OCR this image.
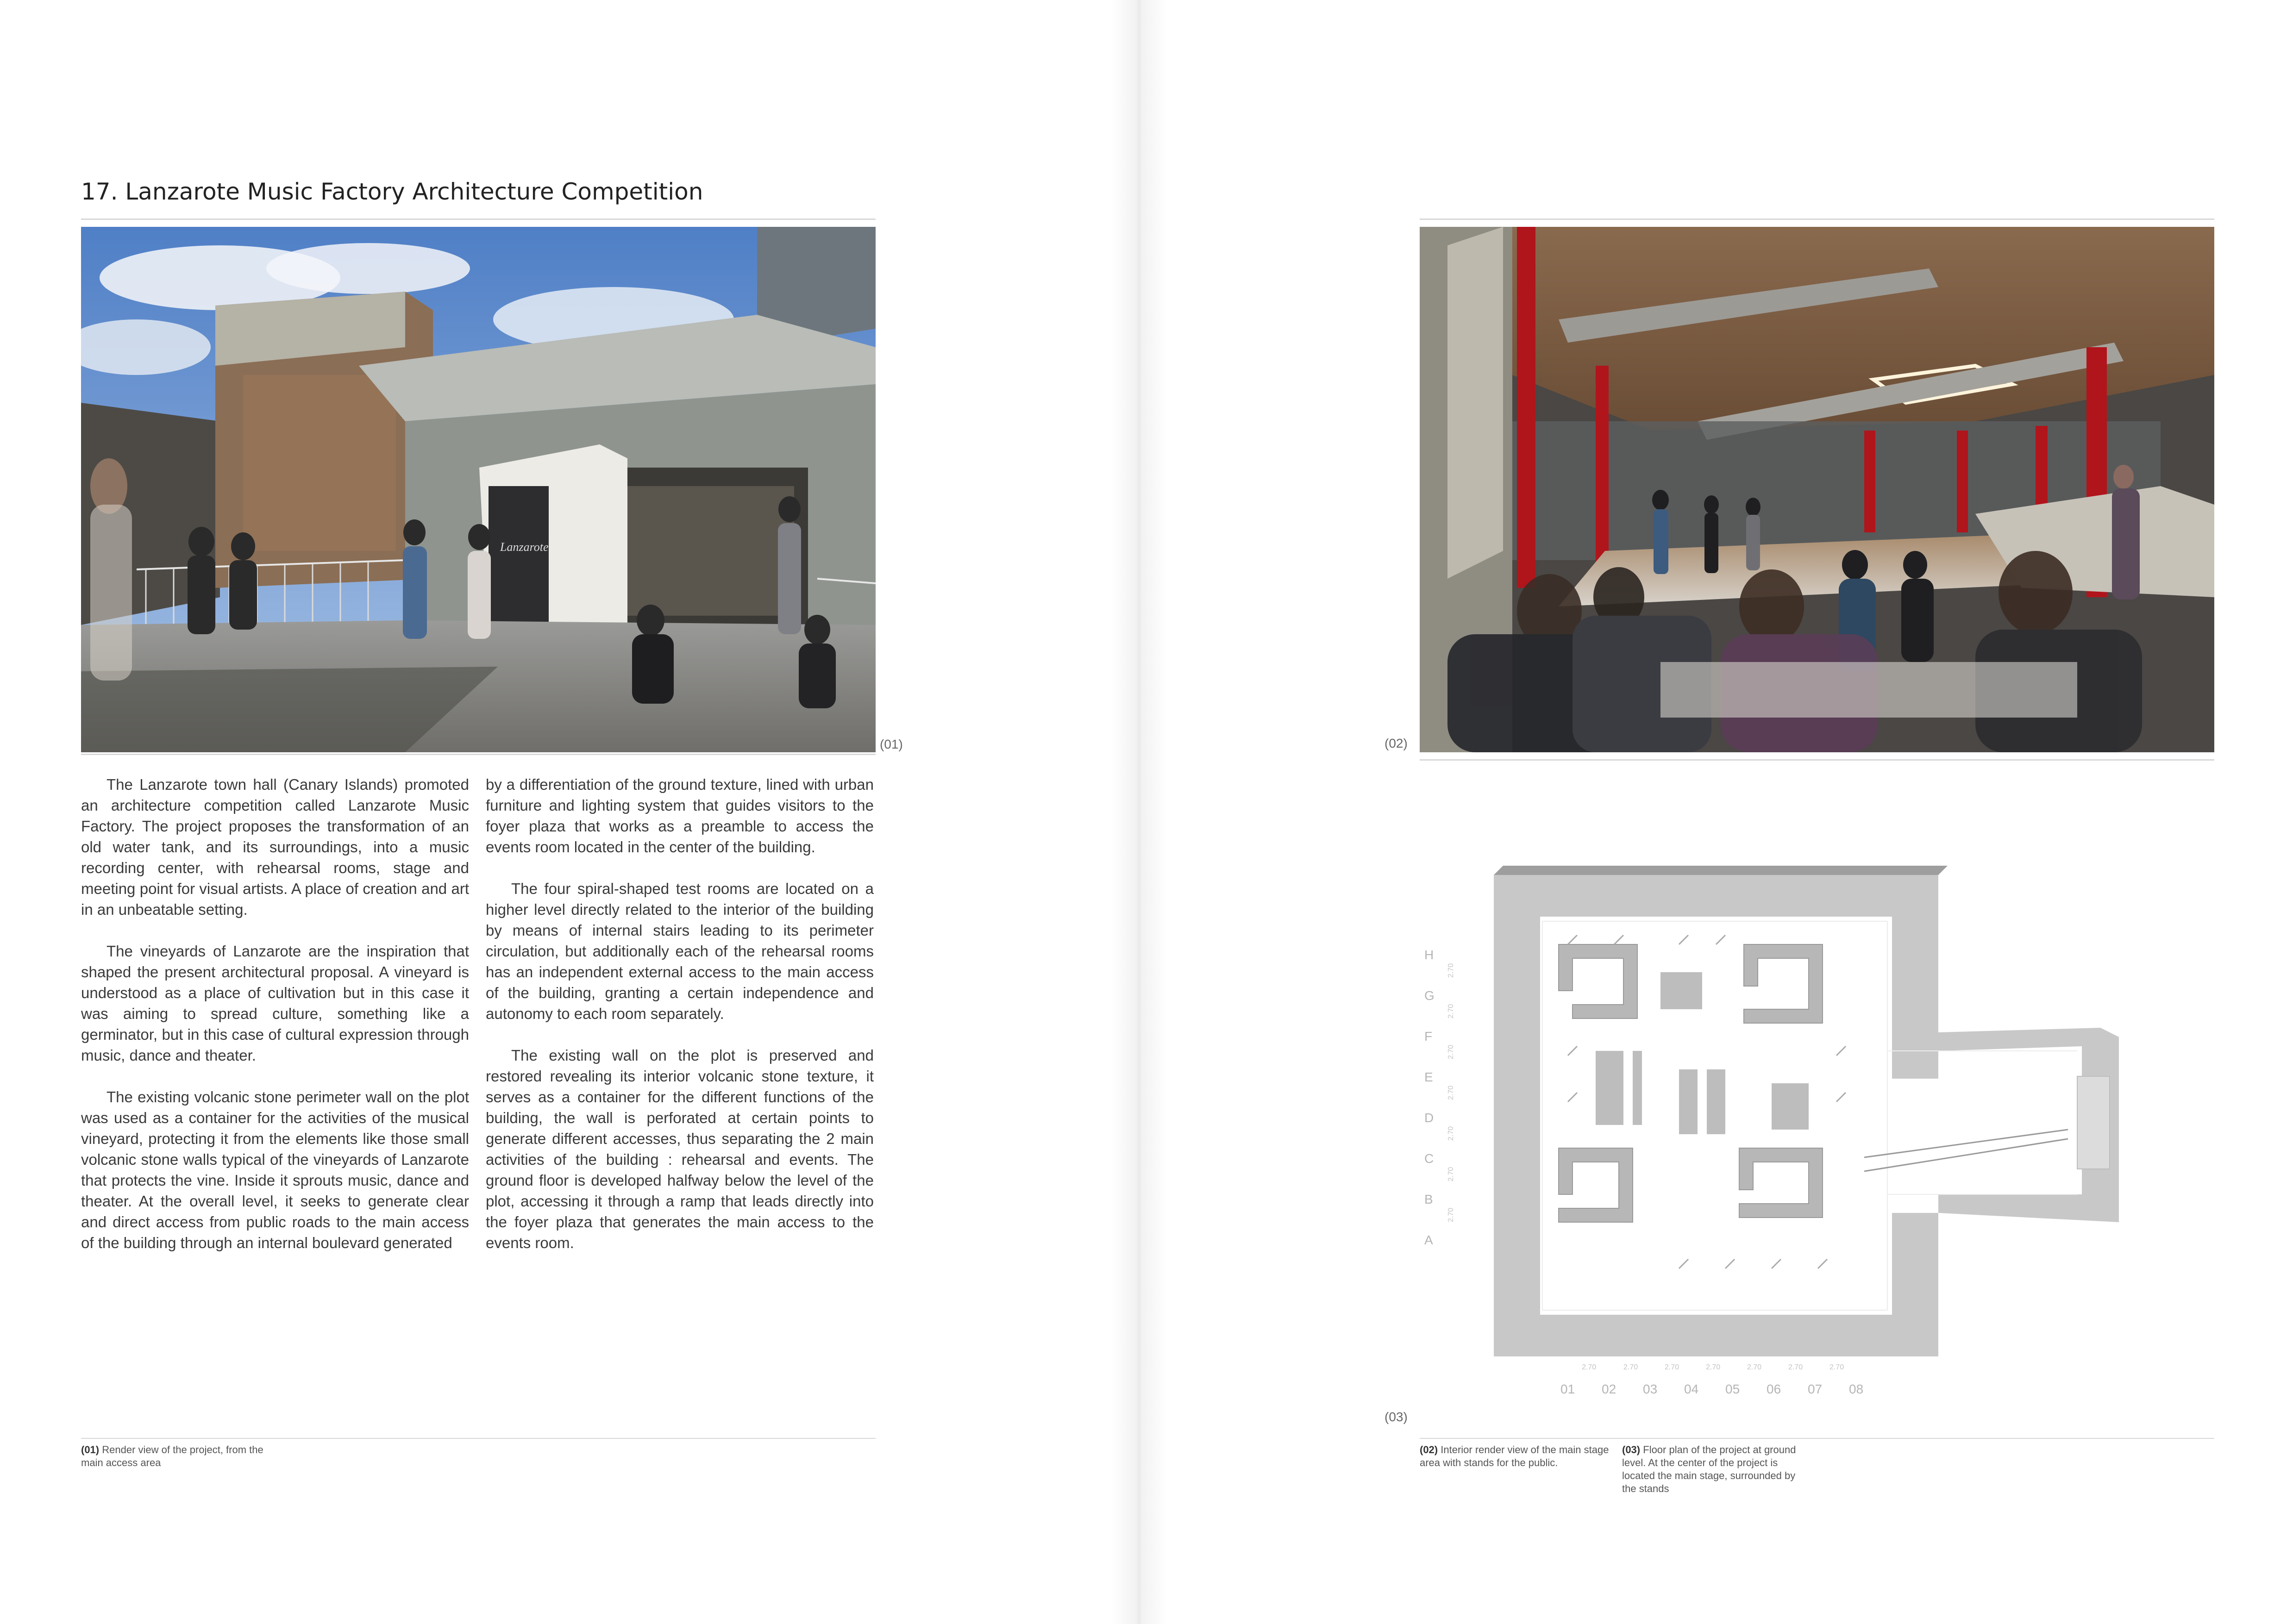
17. Lanzarote Music Factory Architecture Competition
Lanzarote
(01)

The Lanzarote town hall (Canary Islands) promoted an architecture competition called Lanzarote Music Factory. The project proposes the transformation of an old water tank, and its surroundings, into a music recording center, with rehearsal rooms, stage and meeting point for visual artists. A place of creation and art in an unbeatable setting.

The vineyards of Lanzarote are the inspiration that shaped the present architectural proposal. A vineyard is understood as a place of cultivation but in this case it was aiming to spread culture, something like a germinator, but in this case of cultural expression through music, dance and theater.

The existing volcanic stone perimeter wall on the plot was used as a container for the activities of the musical vineyard, protecting it from the elements like those small volcanic stone walls typical of the vineyards of Lanzarote that protects the vine. Inside it sprouts music, dance and theater. At the overall level, it seeks to generate clear and direct access from public roads to the main access of the building through an internal boulevard generated

by a differentiation of the ground texture, lined with urban furniture and lighting system that guides visitors to the foyer plaza that works as a preamble to access the events room located in the center of the building.

The four spiral-shaped test rooms are located on a higher level directly related to the interior of the building by means of internal stairs leading to its perimeter circulation, but additionally each of the rehearsal rooms has an independent external access to the main access of the building, granting a certain independence and autonomy to each room separately.

The existing wall on the plot is preserved and restored revealing its interior volcanic stone texture, it serves as a container for the different functions of the building, the wall is perforated at certain points to generate different accesses, thus separating the 2 main activities of the building : rehearsal and events. The ground floor is developed halfway below the level of the plot, accessing it through a ramp that leads directly into the foyer plaza that generates the main access to the events room.

(01) Render view of the project, from the main access area
(02)
H
G
F
E
D
C
B
A
2.70
2.70
2.70
2.70
2.70
2.70
2.70
2.70	2.70	2.70	2.70	2.70	2.70	2.70
01 02 03 04 05 06 07 08
(03)
(02) Interior render view of the main stage area with stands for the public.
(03) Floor plan of the project at ground level. At the center of the project is located the main stage, surrounded by the stands
